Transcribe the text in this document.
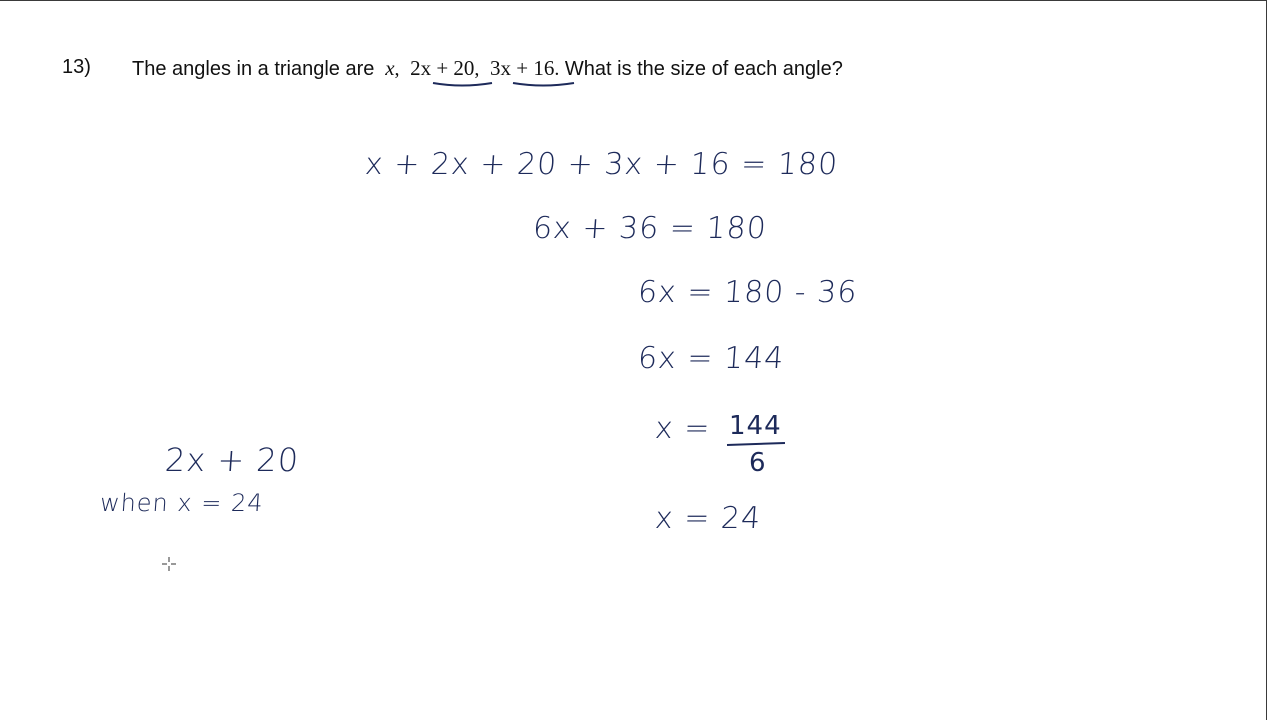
13) The angles in a triangle are x,  2x + 20,  3x + 16. What is the size of each angle?
x + 2x + 20 + 3x + 16 = 180
6x + 36 = 180
6x = 180 - 36
6x = 144
x = 144
6
x = 24
2x + 20
when x = 24
